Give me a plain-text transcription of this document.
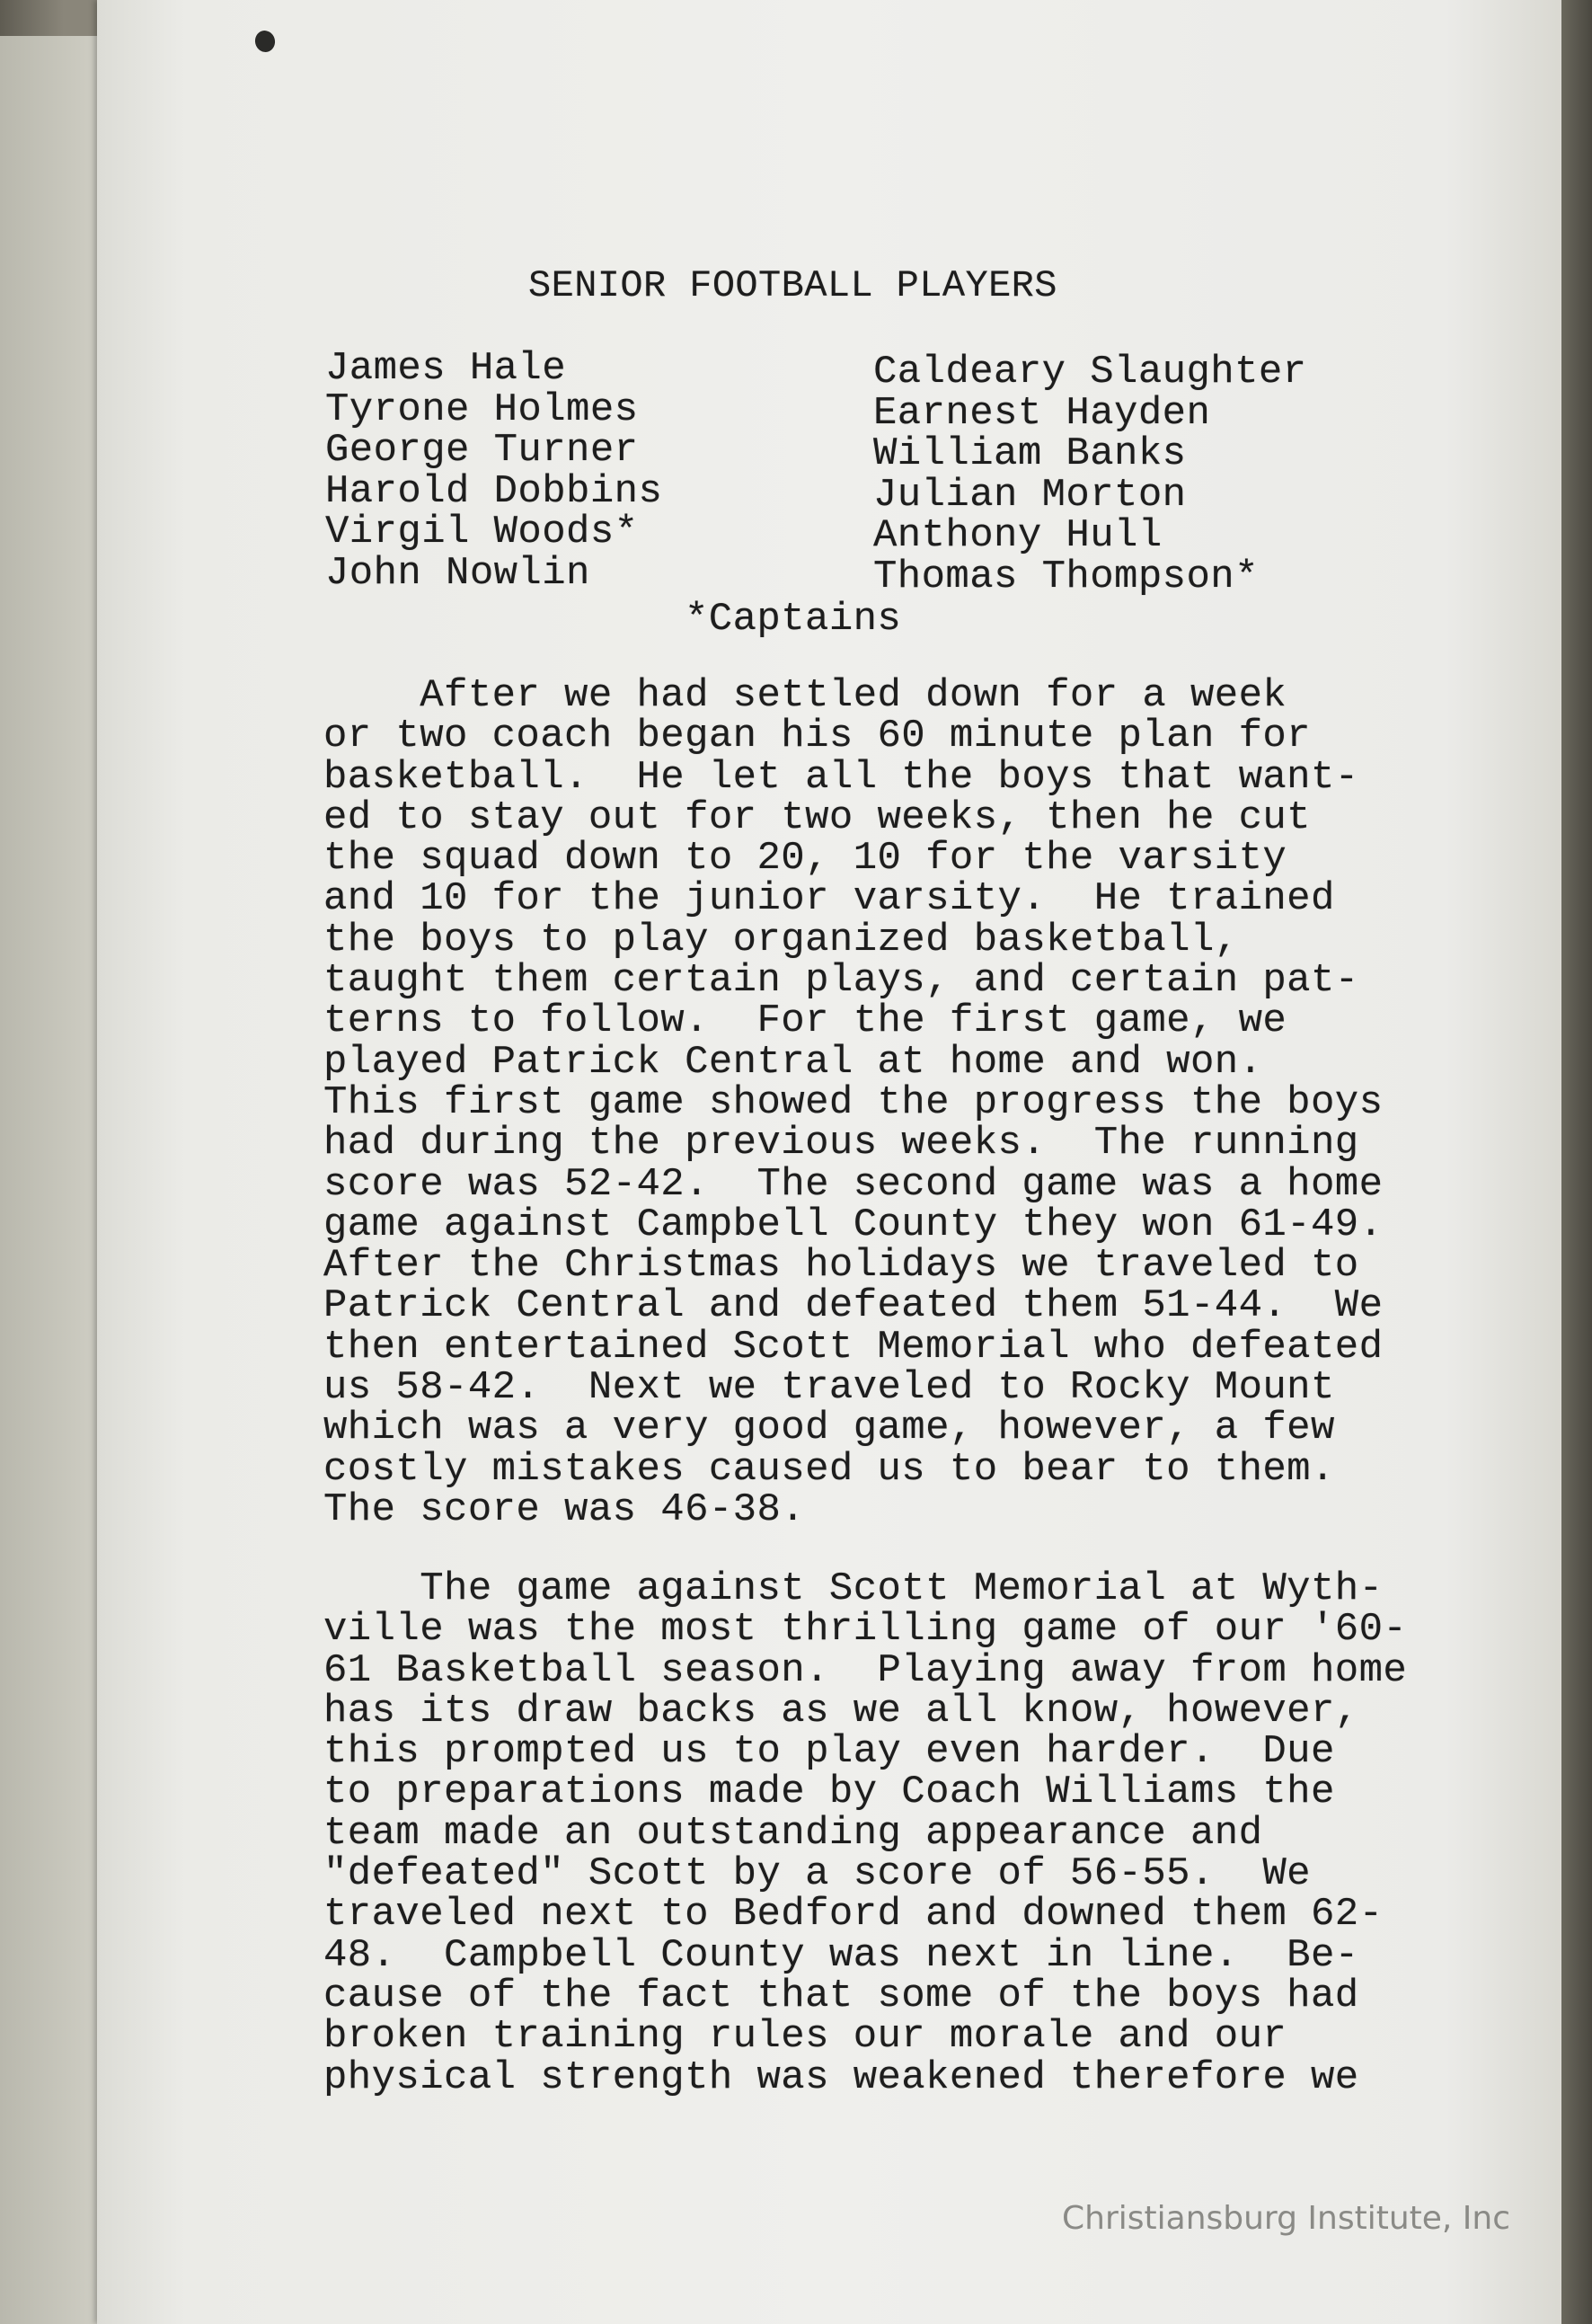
SENIOR FOOTBALL PLAYERS
James Hale
Tyrone Holmes
George Turner
Harold Dobbins
Virgil Woods*
John Nowlin
Caldeary Slaughter
Earnest Hayden
William Banks
Julian Morton
Anthony Hull
Thomas Thompson*
*Captains
After we had settled down for a week
or two coach began his 60 minute plan for
basketball.  He let all the boys that want-
ed to stay out for two weeks, then he cut
the squad down to 20, 10 for the varsity
and 10 for the junior varsity.  He trained
the boys to play organized basketball,
taught them certain plays, and certain pat-
terns to follow.  For the first game, we
played Patrick Central at home and won.
This first game showed the progress the boys
had during the previous weeks.  The running
score was 52-42.  The second game was a home
game against Campbell County they won 61-49.
After the Christmas holidays we traveled to
Patrick Central and defeated them 51-44.  We
then entertained Scott Memorial who defeated
us 58-42.  Next we traveled to Rocky Mount
which was a very good game, however, a few
costly mistakes caused us to bear to them.
The score was 46-38.
The game against Scott Memorial at Wyth-
ville was the most thrilling game of our '60-
61 Basketball season.  Playing away from home
has its draw backs as we all know, however,
this prompted us to play even harder.  Due
to preparations made by Coach Williams the
team made an outstanding appearance and
"defeated" Scott by a score of 56-55.  We
traveled next to Bedford and downed them 62-
48.  Campbell County was next in line.  Be-
cause of the fact that some of the boys had
broken training rules our morale and our
physical strength was weakened therefore we
Christiansburg Institute, Inc
